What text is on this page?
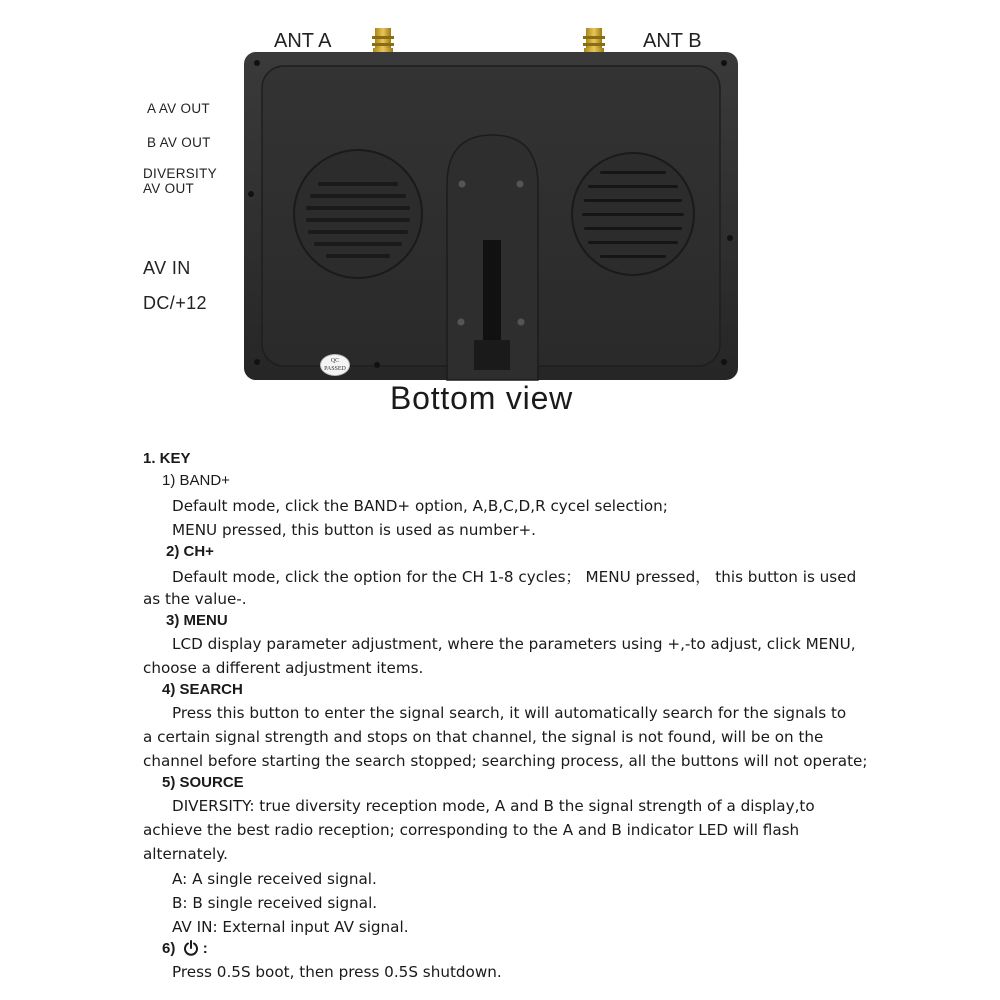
ANT A	ANT B
A AV OUT
B AV OUT
DIVERSITY
AV OUT
AV IN
DC/+12
QC
PASSED
Bottom view
1. KEY
1) BAND+
Default mode, click the BAND+ option, A,B,C,D,R cycel selection;
MENU pressed, this button is used as number+.
2) CH+
Default mode, click the option for the CH 1-8 cycles； MENU pressed， this button is used
as the value-.
3) MENU
LCD display parameter adjustment, where the parameters using +,-to adjust, click MENU,
choose a different adjustment items.
4) SEARCH
Press this button to enter the signal search, it will automatically search for the signals to
a certain signal strength and stops on that channel, the signal is not found, will be on the
channel before starting the search stopped; searching process, all the buttons will not operate;
5) SOURCE
DIVERSITY: true diversity reception mode, A and B the signal strength of a display,to
achieve the best radio reception; corresponding to the A and B indicator LED will flash
alternately.
A: A single received signal.
B: B single received signal.
AV IN: External input AV signal.
6) :
Press 0.5S boot, then press 0.5S shutdown.
